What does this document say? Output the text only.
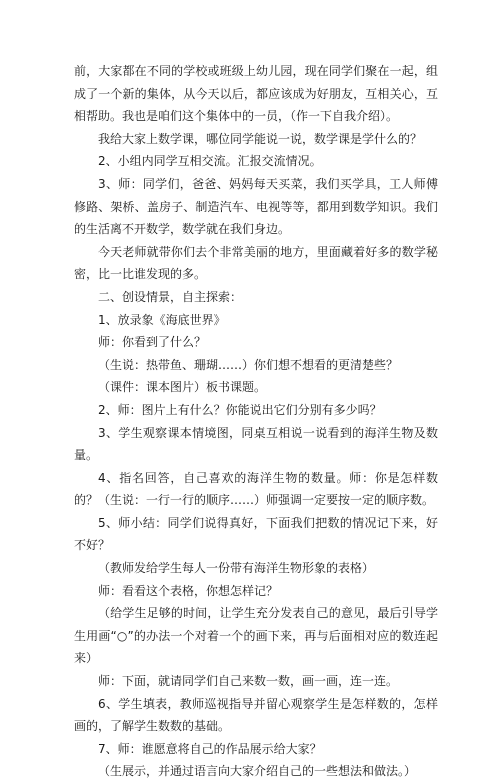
前，大家都在不同的学校或班级上幼儿园，现在同学们聚在一起，组成了一个新的集体，从今天以后，都应该成为好朋友，互相关心，互相帮助。我也是咱们这个集体中的一员，（作一下自我介绍）。

我给大家上数学课，哪位同学能说一说，数学课是学什么的？

2、小组内同学互相交流。汇报交流情况。

3、师：同学们，爸爸、妈妈每天买菜，我们买学具，工人师傅修路、架桥、盖房子、制造汽车、电视等等，都用到数学知识。我们的生活离不开数学，数学就在我们身边。

今天老师就带你们去个非常美丽的地方，里面藏着好多的数学秘密，比一比谁发现的多。

二、创设情景，自主探索：

1、放录象《海底世界》

师：你看到了什么？

（生说：热带鱼、珊瑚……）你们想不想看的更清楚些？

（课件：课本图片）板书课题。

2、师：图片上有什么？你能说出它们分别有多少吗？

3、学生观察课本情境图，同桌互相说一说看到的海洋生物及数量。

4、指名回答，自己喜欢的海洋生物的数量。师：你是怎样数的？（生说：一行一行的顺序……）师强调一定要按一定的顺序数。

5、师小结：同学们说得真好，下面我们把数的情况记下来，好不好？

（教师发给学生每人一份带有海洋生物形象的表格）

师：看看这个表格，你想怎样记？

（给学生足够的时间，让学生充分发表自己的意见，最后引导学生用画“○”的办法一个对着一个的画下来，再与后面相对应的数连起来）

师：下面，就请同学们自己来数一数，画一画，连一连。

6、学生填表，教师巡视指导并留心观察学生是怎样数的，怎样画的，了解学生数数的基础。

7、师：谁愿意将自己的作品展示给大家？

（生展示，并通过语言向大家介绍自己的一些想法和做法。）
